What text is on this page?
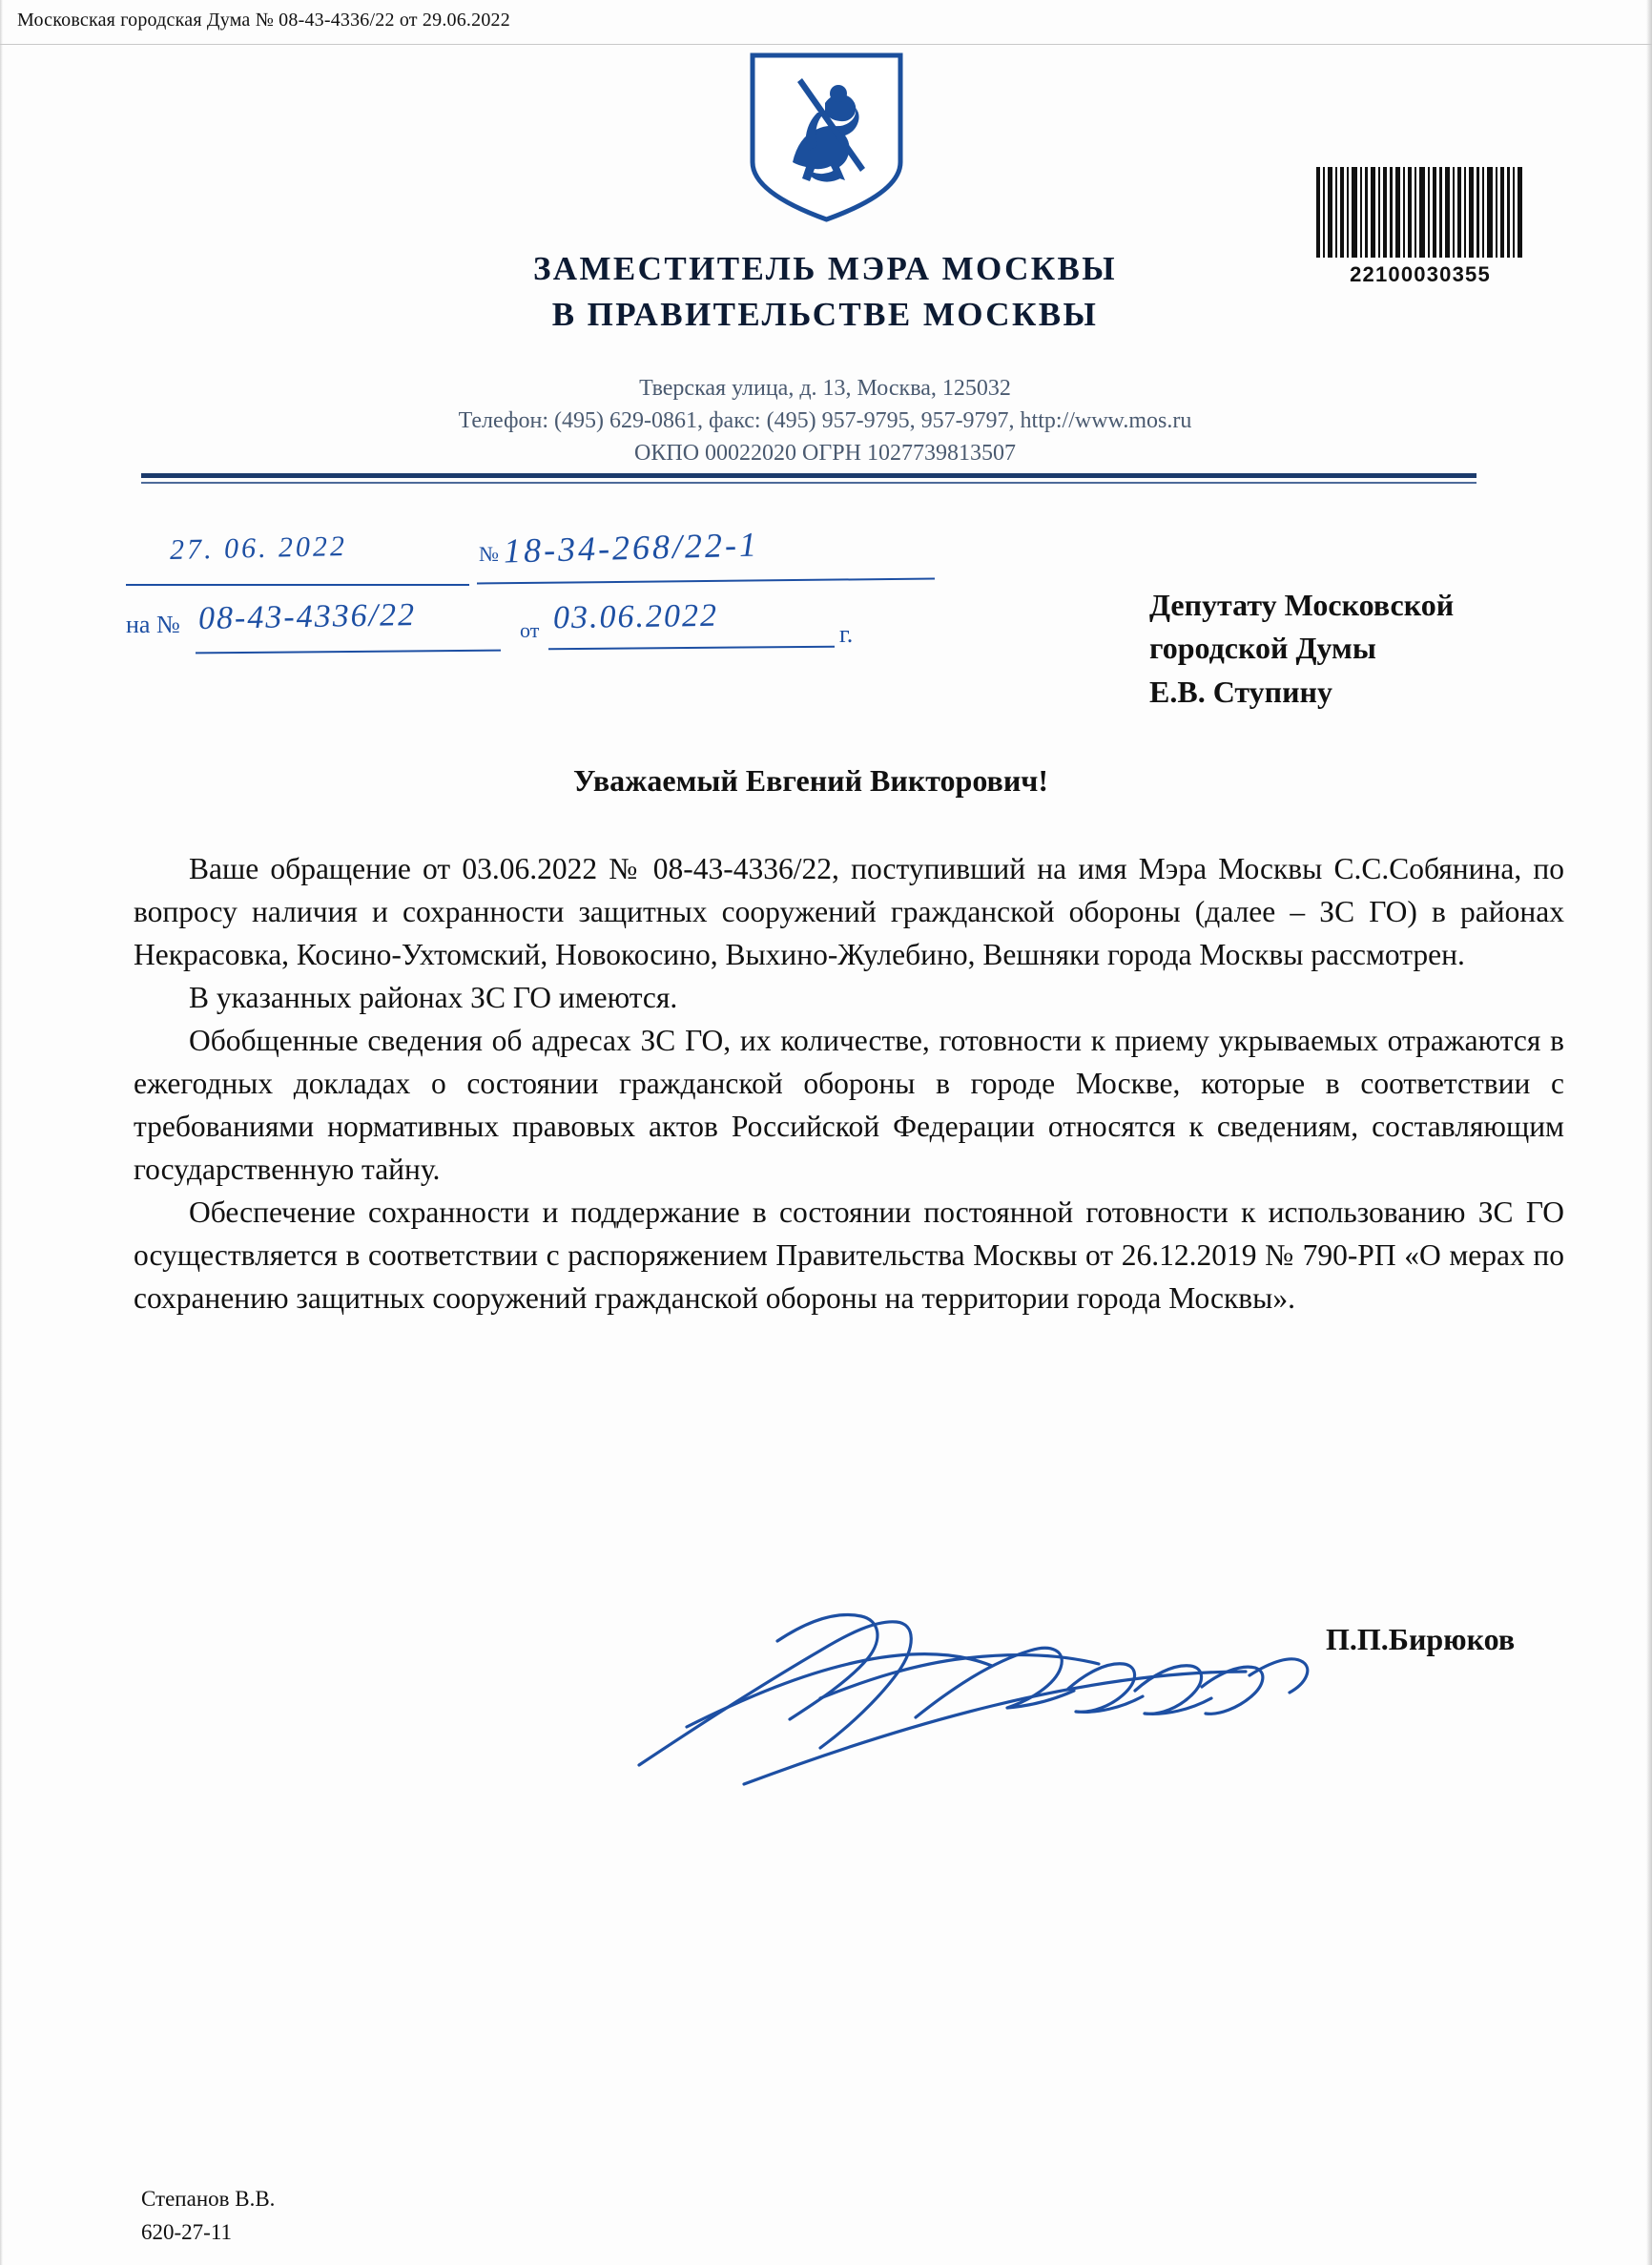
Московская городская Дума № 08-43-4336/22 от 29.06.2022
22100030355
ЗАМЕСТИТЕЛЬ МЭРА МОСКВЫ
В ПРАВИТЕЛЬСТВЕ МОСКВЫ
Тверская улица, д. 13, Москва, 125032
Телефон: (495) 629-0861, факс: (495) 957-9795, 957-9797, http://www.mos.ru
ОКПО 00022020 ОГРН 1027739813507
27. 06. 2022	№ 18-34-268/22-1
на № 08-43-4336/22	от 03.06.2022	г.
Депутату Московской
городской Думы
Е.В. Ступину
Уважаемый Евгений Викторович!

Ваше обращение от 03.06.2022 № 08-43-4336/22, поступивший на имя Мэра Москвы С.С.Собянина, по вопросу наличия и сохранности защитных сооружений гражданской обороны (далее – ЗС ГО) в районах Некрасовка, Косино-Ухтомский, Новокосино, Выхино-Жулебино, Вешняки города Москвы рассмотрен.

В указанных районах ЗС ГО имеются.

Обобщенные сведения об адресах ЗС ГО, их количестве, готовности к приему укрываемых отражаются в ежегодных докладах о состоянии гражданской обороны в городе Москве, которые в соответствии с требованиями нормативных правовых актов Российской Федерации относятся к сведениям, составляющим государственную тайну.

Обеспечение сохранности и поддержание в состоянии постоянной готовности к использованию ЗС ГО осуществляется в соответствии с распоряжением Правительства Москвы от 26.12.2019 № 790-РП «О мерах по сохранению защитных сооружений гражданской обороны на территории города Москвы».

П.П.Бирюков
Степанов В.В.
620-27-11
